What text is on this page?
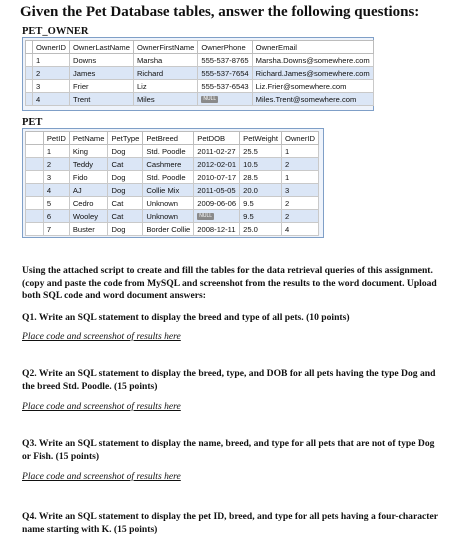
Given the Pet Database tables, answer the following questions:
PET_OWNER
	OwnerID	OwnerLastName	OwnerFirstName	OwnerPhone	OwnerEmail
	1	Downs	Marsha	555-537-8765	Marsha.Downs@somewhere.com
	2	James	Richard	555-537-7654	Richard.James@somewhere.com
	3	Frier	Liz	555-537-6543	Liz.Frier@somewhere.com
	4	Trent	Miles	NULL	Miles.Trent@somewhere.com
PET
	PetID	PetName	PetType	PetBreed	PetDOB	PetWeight	OwnerID
	1	King	Dog	Std. Poodle	2011-02-27	25.5	1
	2	Teddy	Cat	Cashmere	2012-02-01	10.5	2
	3	Fido	Dog	Std. Poodle	2010-07-17	28.5	1
	4	AJ	Dog	Collie Mix	2011-05-05	20.0	3
	5	Cedro	Cat	Unknown	2009-06-06	9.5	2
	6	Wooley	Cat	Unknown	NULL	9.5	2
	7	Buster	Dog	Border Collie	2008-12-11	25.0	4
Using the attached script to create and fill the tables for the data retrieval queries of this assignment. (copy and paste the code from MySQL and screenshot from the results to the word document. Upload both SQL code and word document answers:
Q1. Write an SQL statement to display the breed and type of all pets. (10 points)
Place code and screenshot of results here
Q2. Write an SQL statement to display the breed, type, and DOB for all pets having the type Dog and the breed Std. Poodle. (15 points)
Place code and screenshot of results here
Q3. Write an SQL statement to display the name, breed, and type for all pets that are not of type Dog or Fish. (15 points)
Place code and screenshot of results here
Q4. Write an SQL statement to display the pet ID, breed, and type for all pets having a four-character name starting with K. (15 points)
